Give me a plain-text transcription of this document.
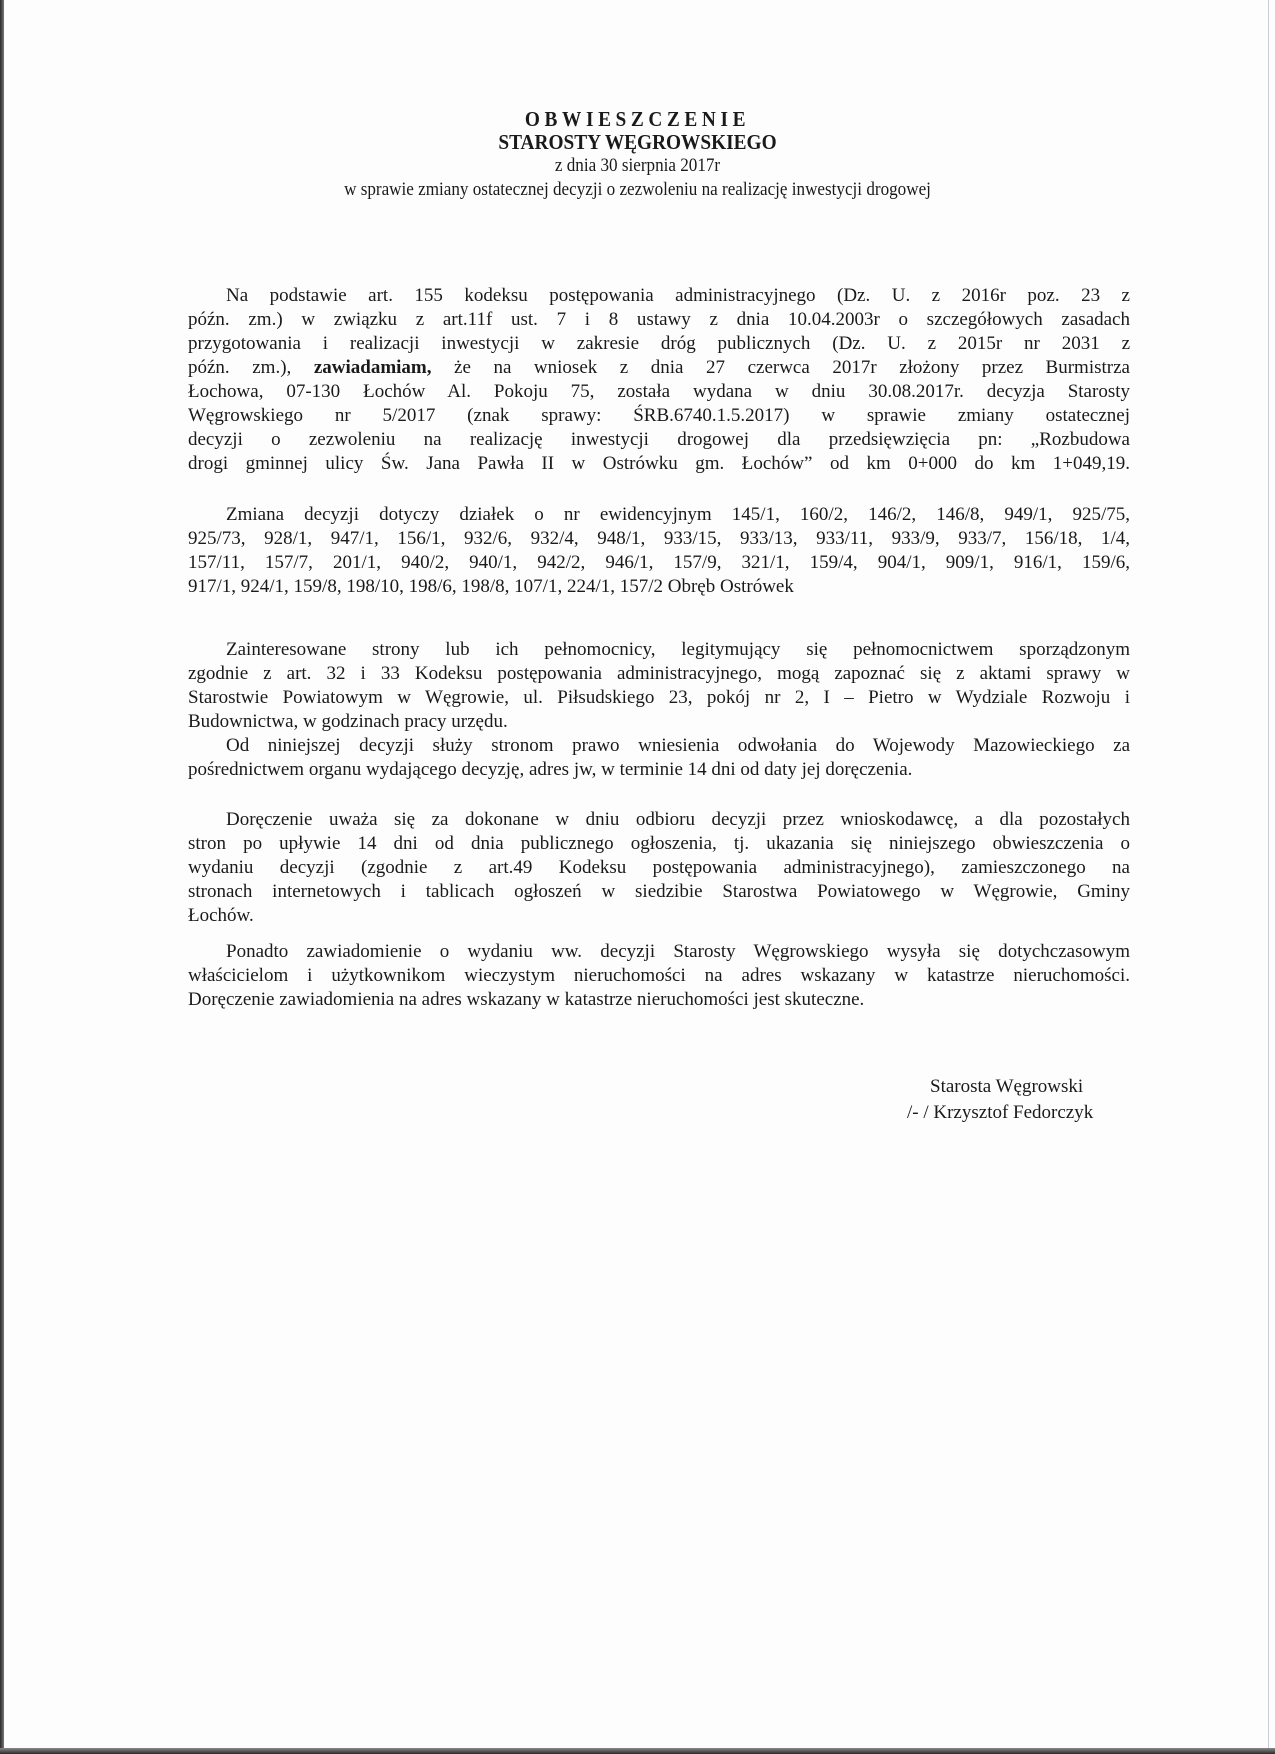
OBWIESZCZENIE
STAROSTY WĘGROWSKIEGO
z dnia 30 sierpnia 2017r
w sprawie zmiany ostatecznej decyzji o zezwoleniu na realizację inwestycji drogowej
Na podstawie art. 155 kodeksu postępowania administracyjnego (Dz. U. z 2016r poz. 23 z
późn. zm.) w związku z art.11f ust. 7 i 8 ustawy z dnia 10.04.2003r o szczegółowych zasadach
przygotowania i realizacji inwestycji w zakresie dróg publicznych (Dz. U. z 2015r nr 2031 z
późn. zm.), zawiadamiam, że na wniosek z dnia 27 czerwca 2017r złożony przez Burmistrza
Łochowa, 07-130 Łochów Al. Pokoju 75, została wydana w dniu 30.08.2017r. decyzja Starosty
Węgrowskiego nr 5/2017 (znak sprawy: ŚRB.6740.1.5.2017) w sprawie zmiany ostatecznej
decyzji o zezwoleniu na realizację inwestycji drogowej dla przedsięwzięcia pn: „Rozbudowa
drogi gminnej ulicy Św. Jana Pawła II w Ostrówku gm. Łochów” od km 0+000 do km 1+049,19.
Zmiana decyzji dotyczy działek o nr ewidencyjnym 145/1, 160/2, 146/2, 146/8, 949/1, 925/75,
925/73, 928/1, 947/1, 156/1, 932/6, 932/4, 948/1, 933/15, 933/13, 933/11, 933/9, 933/7, 156/18, 1/4,
157/11, 157/7, 201/1, 940/2, 940/1, 942/2, 946/1, 157/9, 321/1, 159/4, 904/1, 909/1, 916/1, 159/6,
917/1, 924/1, 159/8, 198/10, 198/6, 198/8, 107/1, 224/1, 157/2 Obręb Ostrówek
Zainteresowane strony lub ich pełnomocnicy, legitymujący się pełnomocnictwem sporządzonym
zgodnie z art. 32 i 33 Kodeksu postępowania administracyjnego, mogą zapoznać się z aktami sprawy w
Starostwie Powiatowym w Węgrowie, ul. Piłsudskiego 23, pokój nr 2, I – Pietro w Wydziale Rozwoju i
Budownictwa, w godzinach pracy urzędu.
Od niniejszej decyzji służy stronom prawo wniesienia odwołania do Wojewody Mazowieckiego za
pośrednictwem organu wydającego decyzję, adres jw, w terminie 14 dni od daty jej doręczenia.
Doręczenie uważa się za dokonane w dniu odbioru decyzji przez wnioskodawcę, a dla pozostałych
stron po upływie 14 dni od dnia publicznego ogłoszenia, tj. ukazania się niniejszego obwieszczenia o
wydaniu decyzji (zgodnie z art.49 Kodeksu postępowania administracyjnego), zamieszczonego na
stronach internetowych i tablicach ogłoszeń w siedzibie Starostwa Powiatowego w Węgrowie, Gminy
Łochów.
Ponadto zawiadomienie o wydaniu ww. decyzji Starosty Węgrowskiego wysyła się dotychczasowym
właścicielom i użytkownikom wieczystym nieruchomości na adres wskazany w katastrze nieruchomości.
Doręczenie zawiadomienia na adres wskazany w katastrze nieruchomości jest skuteczne.
Starosta Węgrowski
/- / Krzysztof Fedorczyk
